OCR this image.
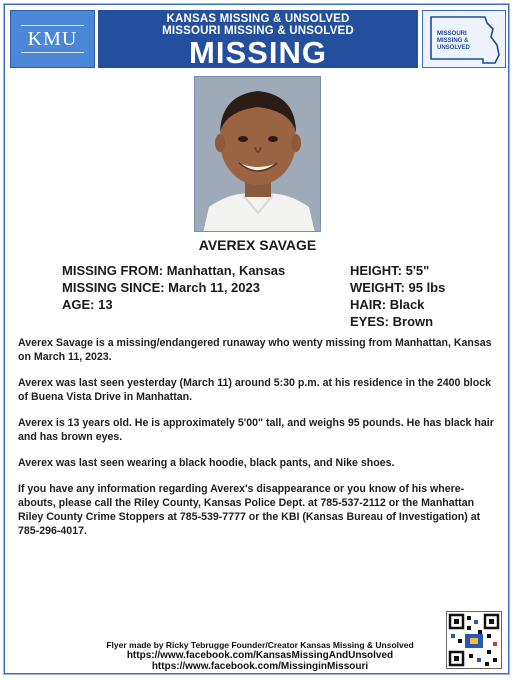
KMU
KANSAS MISSING & UNSOLVED
MISSOURI MISSING & UNSOLVED
MISSING
MISSOURI
MISSING &
UNSOLVED
AVEREX SAVAGE
MISSING FROM: Manhattan, Kansas
MISSING SINCE: March 11, 2023
AGE: 13
HEIGHT: 5'5"
WEIGHT: 95 lbs
HAIR: Black
EYES: Brown

Averex Savage is a missing/endangered runaway who wenty missing from Manhattan, Kansas on March 11, 2023.

Averex was last seen yesterday (March 11) around 5:30 p.m. at his residence in the 2400 block of Buena Vista Drive in Manhattan.

Averex is 13 years old. He is approximately 5'00" tall, and weighs 95 pounds. He has black hair and has brown eyes.

Averex was last seen wearing a black hoodie, black pants, and Nike shoes.

If you have any information regarding Averex's disappearance or you know of his where-abouts, please call the Riley County, Kansas Police Dept. at 785-537-2112 or the Manhattan Riley County Crime Stoppers at 785-539-7777 or the KBI (Kansas Bureau of Investigation) at 785-296-4017.

Flyer made by Ricky Tebrugge Founder/Creator Kansas Missing & Unsolved
https://www.facebook.com/KansasMissingAndUnsolved
https://www.facebook.com/MissinginMissouri
